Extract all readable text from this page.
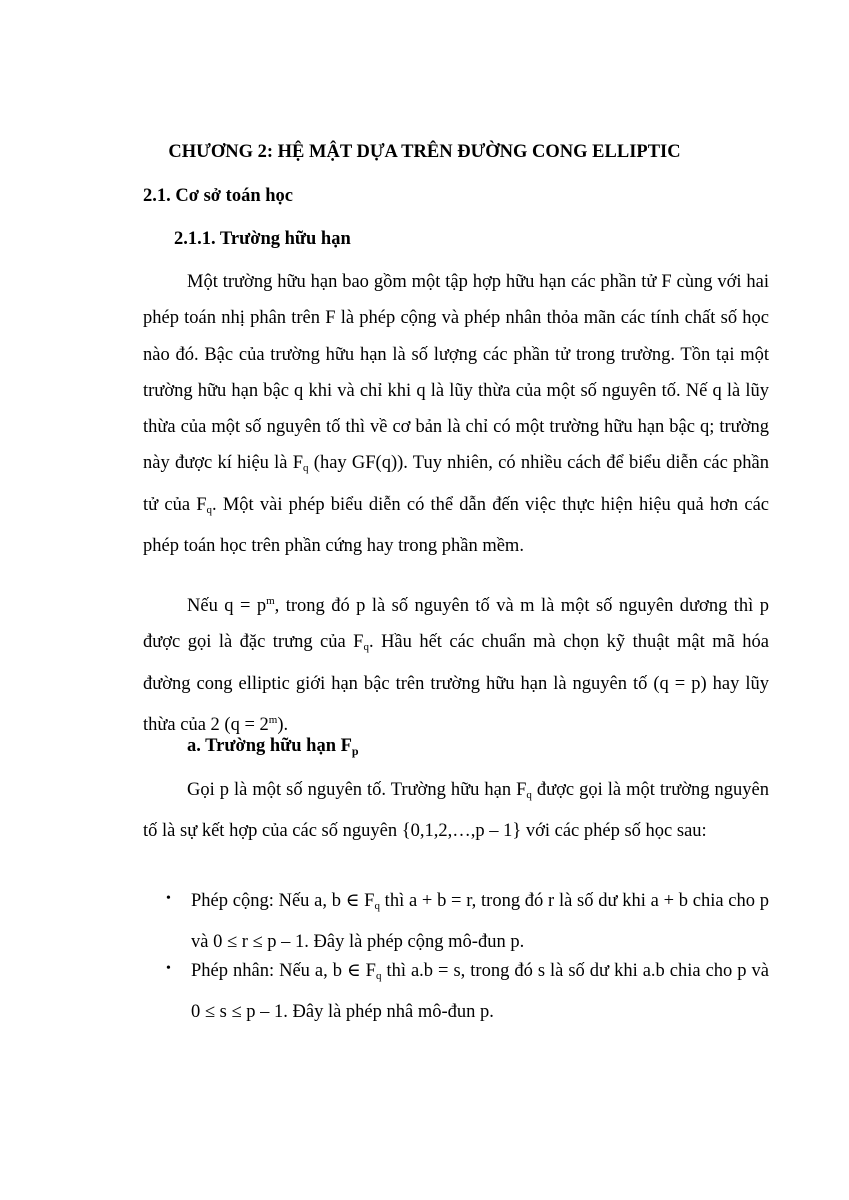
CHƯƠNG 2: HỆ MẬT DỰA TRÊN ĐƯỜNG CONG ELLIPTIC
2.1. Cơ sở toán học
2.1.1. Trường hữu hạn

Một trường hữu hạn bao gồm một tập hợp hữu hạn các phần tử F cùng với hai phép toán nhị phân trên F là phép cộng và phép nhân thỏa mãn các tính chất số học nào đó. Bậc của trường hữu hạn là số lượng các phần tử trong trường. Tồn tại một trường hữu hạn bậc q khi và chỉ khi q là lũy thừa của một số nguyên tố. Nế q là lũy thừa của một số nguyên tố thì về cơ bản là chỉ có một trường hữu hạn bậc q; trường này được kí hiệu là $F_q$ (hay GF(q)). Tuy nhiên, có nhiều cách để biểu diễn các phần tử của $F_q$. Một vài phép biểu diễn có thể dẫn đến việc thực hiện hiệu quả hơn các phép toán học trên phần cứng hay trong phần mềm.

Nếu $q = p^m$, trong đó p là số nguyên tố và m là một số nguyên dương thì p được gọi là đặc trưng của $F_q$. Hầu hết các chuẩn mà chọn kỹ thuật mật mã hóa đường cong elliptic giới hạn bậc trên trường hữu hạn là nguyên tố (q = p) hay lũy thừa của 2 $(q = 2^m)$.

a. Trường hữu hạn $F_p$

Gọi p là một số nguyên tố. Trường hữu hạn $F_q$ được gọi là một trường nguyên tố là sự kết hợp của các số nguyên {0,1,2,…,p – 1} với các phép số học sau:

• Phép cộng: Nếu a, b ∈ $F_q$ thì a + b = r, trong đó r là số dư khi a + b chia cho p và 0 ≤ r ≤ p – 1. Đây là phép cộng mô-đun p.

• Phép nhân: Nếu a, b ∈ $F_q$ thì a.b = s, trong đó s là số dư khi a.b chia cho p và 0 ≤ s ≤ p – 1. Đây là phép nhâ mô-đun p.
